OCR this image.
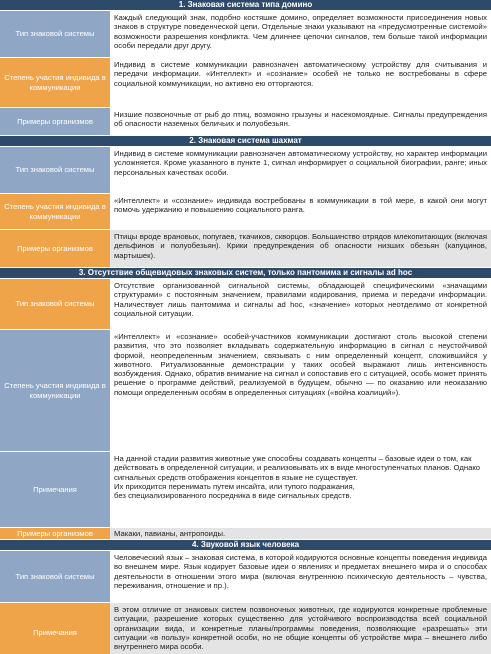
1. Знаковая система типа домино
Тип знаковой системы
Каждый следующий знак, подобно костяшке домино, определяет возможности присоединения новых знаков в структуре поведенческой цепи. Отдельные знаки указывают на «предусмотренные системой» возможности разрешения конфликта. Чем длиннее цепочки сигналов, тем больше такой информации особи передали друг другу.
Степень участия индивида в коммуникации
Индивид в системе коммуникации равнозначен автоматическому устройству для считывания и передачи информации. «Интеллект» и «сознание» особей не только не востребованы в сфере социальной коммуникации, но активно ею отторгаются.
Примеры организмов
Низшие позвоночные от рыб до птиц, возможно грызуны и насекомоядные. Сигналы предупреждения об опасности наземных беличьих и полуобезьян.
2. Знаковая система шахмат
Тип знаковой системы
Индивид в системе коммуникации равнозначен автоматическому устройству, но характер информации усложняется. Кроме указанного в пункте 1, сигнал информирует о социальной биографии, ранге; иных персональных качествах особи.
Степень участия индивида в коммуникации
«Интеллект» и «сознание» индивида востребованы в коммуникации в той мере, в какой они могут помочь удержанию и повышению социального ранга.
Примеры организмов
Птицы вроде врановых, попугаев, ткачиков, скворцов. Большинство отрядов млекопитающих (включая дельфинов и полуобезьян). Крики предупреждения об опасности низших обезьян (капуцинов, мартышек).
3. Отсутствие общевидовых знаковых систем, только пантомима и сигналы ad hoc
Тип знаковой системы
Отсутствие организованной сигнальной системы, обладающей специфическими «значащими структурами» с постоянным значением, правилами кодирования, приема и передачи информации. Наличествует лишь пантомима и сигналы ad hoc, «значение» которых неотделимо от конкретной социальной ситуации.
Степень участия индивида в коммуникации
«Интеллект» и «сознание» особей-участников коммуникации достигают столь высокой степени развития, что это позволяет вкладывать содержательную информацию в сигнал с неустойчивой формой, неопределенным значением, связывать с ним определенный концепт, сложившийся у животного. Ритуализованные демонстрации у таких особей выражают лишь интенсивность возбуждения. Однако, обратив внимание на сигнал и сопоставив его с ситуацией, особь может принять решение о программе действий, реализуемой в будущем, обычно — по оказанию или неоказанию помощи определенным особям в определенных ситуациях («война коалиций»).
Примечания
На данной стадии развития животные уже способны создавать концепты – базовые идеи о том, как действовать в определенной ситуации, и реализовывать их в виде многоступенчатых планов. Однако сигнальных средств отображения концептов в языке не существует.
Их приходится перенимать путем инсайта, или тупого подражания,
без специализированного посредника в виде сигнальных средств.
Примеры организмов	Макаки, павианы, антропоиды.
4. Звуковой язык человека
Тип знаковой системы
Человеческий язык – знаковая система, в которой кодируются основные концепты поведения индивида во внешнем мире. Язык кодирует базовые идеи о явлениях и предметах внешнего мира и о способах деятельности в отношении этого мира (включая внутреннюю психическую деятельность – чувства, переживания, отношение и пр.).
Примечания
В этом отличие от знаковых систем позвоночных животных, где кодируются конкретные проблемные ситуации, разрешение которых существенно для устойчивого воспроизводства всей социальной организации вида, и конкретные планы/программы поведения, позволяющие «разрешать» эти ситуации «в пользу» конкретной особи, но не общие концепты об устройстве мира – внешнего либо внутреннего мира особи.
